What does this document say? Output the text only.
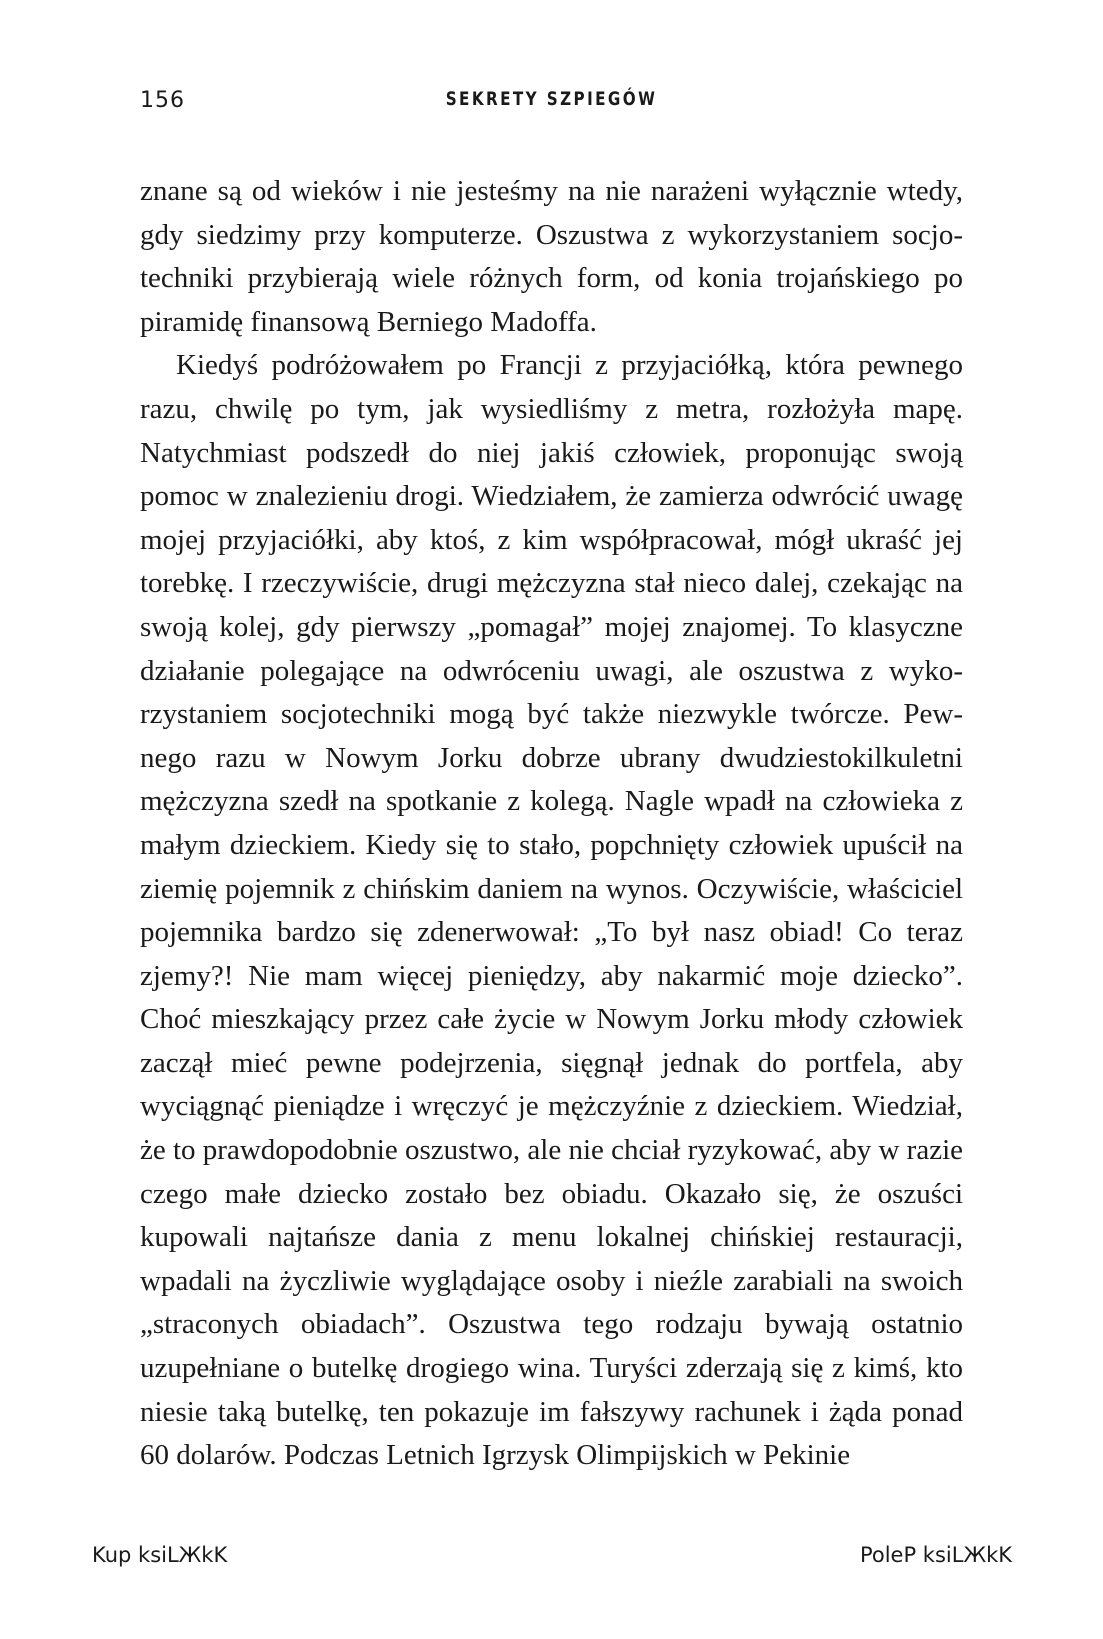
156	SEKRETY SZPIEGÓW

znane są od wieków i nie jesteśmy na nie narażeni wyłącznie wtedy, gdy siedzimy przy komputerze. Oszustwa z wykorzystaniem socjotechniki przybierają wiele różnych form, od konia trojańskiego po piramidę finansową Berniego Madoffa.

Kiedyś podróżowałem po Francji z przyjaciółką, która pewnego razu, chwilę po tym, jak wysiedliśmy z metra, rozłożyła mapę. Natychmiast podszedł do niej jakiś człowiek, proponując swoją pomoc w znalezieniu drogi. Wiedziałem, że zamierza odwrócić uwagę mojej przyjaciółki, aby ktoś, z kim współpracował, mógł ukraść jej torebkę. I rzeczywiście, drugi mężczyzna stał nieco dalej, czekając na swoją kolej, gdy pierwszy „pomagał” mojej znajomej. To klasyczne działanie polegające na odwróceniu uwagi, ale oszustwa z wykorzystaniem socjotechniki mogą być także niezwykle twórcze. Pewnego razu w Nowym Jorku dobrze ubrany dwudziestokilkuletni mężczyzna szedł na spotkanie z kolegą. Nagle wpadł na człowieka z małym dzieckiem. Kiedy się to stało, popchnięty człowiek upuścił na ziemię pojemnik z chińskim daniem na wynos. Oczywiście, właściciel pojemnika bardzo się zdenerwował: „To był nasz obiad! Co teraz zjemy?! Nie mam więcej pieniędzy, aby nakarmić moje dziecko”. Choć mieszkający przez całe życie w Nowym Jorku młody człowiek zaczął mieć pewne podejrzenia, sięgnął jednak do portfela, aby wyciągnąć pieniądze i wręczyć je mężczyźnie z dzieckiem. Wiedział, że to prawdopodobnie oszustwo, ale nie chciał ryzykować, aby w razie czego małe dziecko zostało bez obiadu. Okazało się, że oszuści kupowali najtańsze dania z menu lokalnej chińskiej restauracji, wpadali na życzliwie wyglądające osoby i nieźle zarabiali na swoich „straconych obiadach”. Oszustwa tego rodzaju bywają ostatnio uzupełniane o butelkę drogiego wina. Turyści zderzają się z kimś, kto niesie taką butelkę, ten pokazuje im fałszywy rachunek i żąda ponad 60 dolarów. Podczas Letnich Igrzysk Olimpijskich w Pekinie

Kup ksiLЖkK	PoleP ksiLЖkK
